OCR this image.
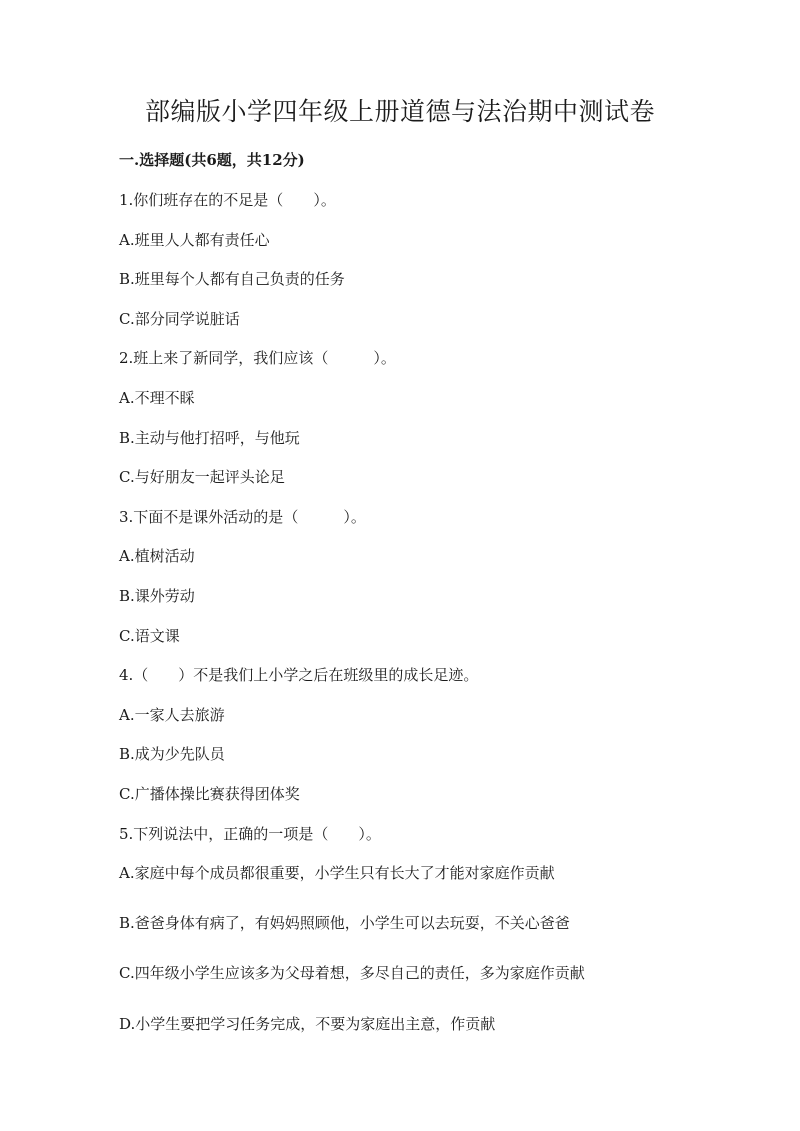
部编版小学四年级上册道德与法治期中测试卷
一.选择题(共6题，共12分)
1.你们班存在的不足是（　　）。
A.班里人人都有责任心
B.班里每个人都有自己负责的任务
C.部分同学说脏话
2.班上来了新同学，我们应该（　　　）。
A.不理不睬
B.主动与他打招呼，与他玩
C.与好朋友一起评头论足
3.下面不是课外活动的是（　　　）。
A.植树活动
B.课外劳动
C.语文课
4.（　　）不是我们上小学之后在班级里的成长足迹。
A.一家人去旅游
B.成为少先队员
C.广播体操比赛获得团体奖
5.下列说法中，正确的一项是（　　）。
A.家庭中每个成员都很重要，小学生只有长大了才能对家庭作贡献
B.爸爸身体有病了，有妈妈照顾他，小学生可以去玩耍，不关心爸爸
C.四年级小学生应该多为父母着想，多尽自己的责任，多为家庭作贡献
D.小学生要把学习任务完成，不要为家庭出主意，作贡献
